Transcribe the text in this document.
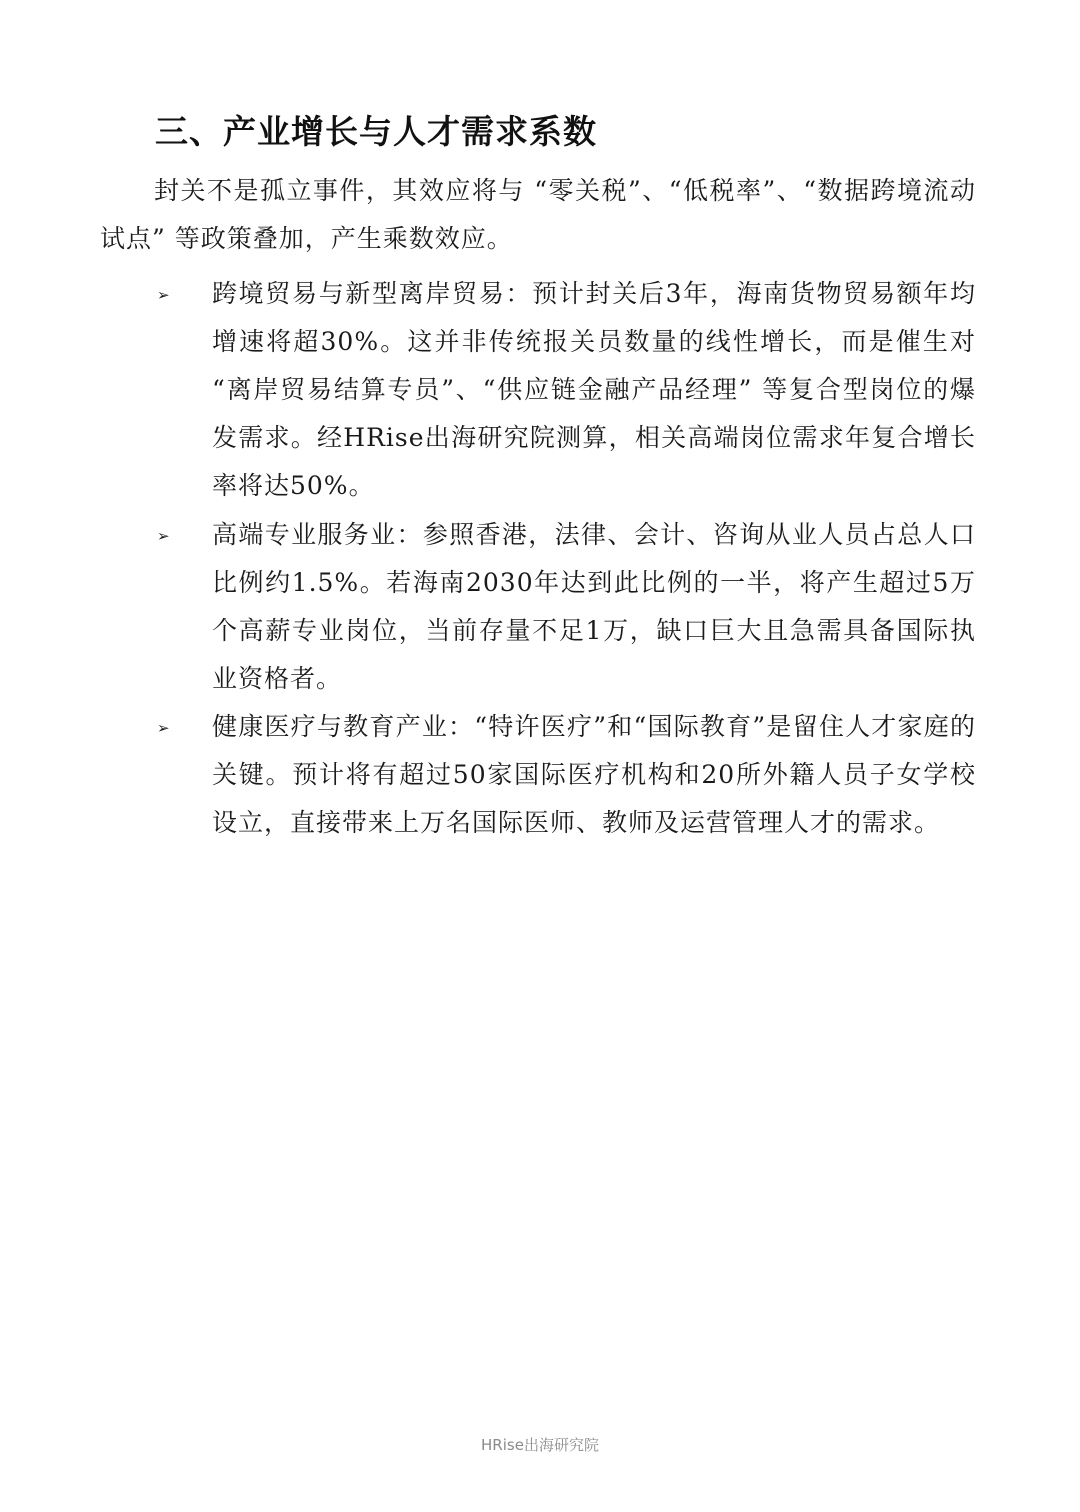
三、产业增长与人才需求系数

封关不是孤立事件，其效应将与 “零关税”、“低税率”、“数据跨境流动试点” 等政策叠加，产生乘数效应。

➢ 跨境贸易与新型离岸贸易：预计封关后3年，海南货物贸易额年均增速将超30%。这并非传统报关员数量的线性增长，而是催生对 “离岸贸易结算专员”、“供应链金融产品经理” 等复合型岗位的爆发需求。经HRise出海研究院测算，相关高端岗位需求年复合增长率将达50%。

➢ 高端专业服务业：参照香港，法律、会计、咨询从业人员占总人口比例约1.5%。若海南2030年达到此比例的一半，将产生超过5万个高薪专业岗位，当前存量不足1万，缺口巨大且急需具备国际执业资格者。

➢ 健康医疗与教育产业：“特许医疗”和“国际教育”是留住人才家庭的关键。预计将有超过50家国际医疗机构和20所外籍人员子女学校设立，直接带来上万名国际医师、教师及运营管理人才的需求。

HRise出海研究院
